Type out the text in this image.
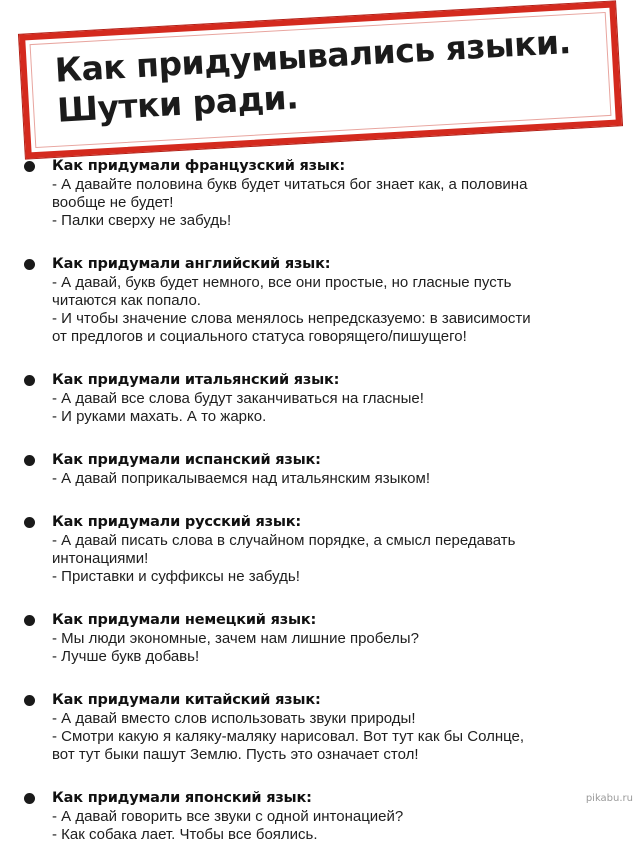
Как придумывались языки.
Шутки ради.
Как придумали французский язык:
- А давайте половина букв будет читаться бог знает как, а половина
вообще не будет!
- Палки сверху не забудь!
Как придумали английский язык:
- А давай, букв будет немного, все они простые, но гласные пусть
читаются как попало.
- И чтобы значение слова менялось непредсказуемо: в зависимости
от предлогов и социального статуса говорящего/пишущего!
Как придумали итальянский язык:
- А давай все слова будут заканчиваться на гласные!
- И руками махать. А то жарко.
Как придумали испанский язык:
- А давай поприкалываемся над итальянским языком!
Как придумали русский язык:
- А давай писать слова в случайном порядке, а смысл передавать
интонациями!
- Приставки и суффиксы не забудь!
Как придумали немецкий язык:
- Мы люди экономные, зачем нам лишние пробелы?
- Лучше букв добавь!
Как придумали китайский язык:
- А давай вместо слов использовать звуки природы!
- Смотри какую я каляку-маляку нарисовал. Вот тут как бы Солнце,
вот тут быки пашут Землю. Пусть это означает стол!
Как придумали японский язык:
- А давай говорить все звуки с одной интонацией?
- Как собака лает. Чтобы все боялись.
pikabu.ru
